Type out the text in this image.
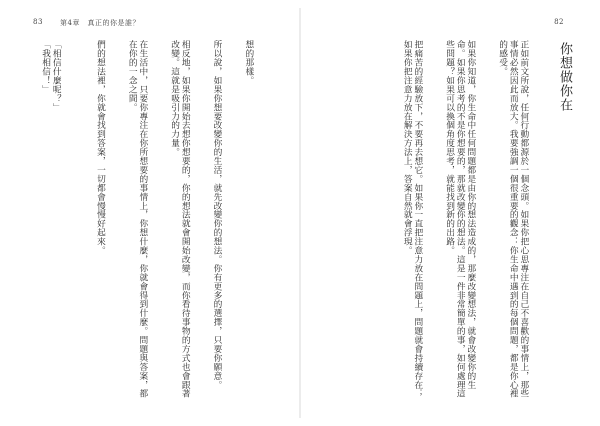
83 第4章　真正的你是誰？

想的那樣。

所以說，如果你想要改變你的生活，就先改變你的想法。你有更多的選擇，只要你願意。

相反地，如果你開始去想你想要的，你的想法就會開始改變，而你看待事物的方式也會跟著改變。這就是吸引力的力量。

在生活中，只要你專注在你所想要的事情上，你想什麼，你就會得到什麼。問題與答案，都在你的一念之間。

們的想法裡，你就會找到答案，一切都會慢慢好起來。

「相信什麼呢？」

「我相信！」

82
你想做你在

正如前文所說，任何行動都源於一個念頭。如果你把心思專注在自己不喜歡的事情上，那些事情必然因此而放大。我要強調一個很重要的觀念：你生命中遇到的每個問題，都是你心裡的感受。

如果你知道，你生命中任何問題都是由你的想法造成的，那麼改變想法，就會改變你的生命。如果你思考的不是你想要的，那就改變你的想法。這是一件非常簡單的事，如何處理這些問題？如果可以換個角度思考，就能找到新的出路。

把痛苦的經驗放下，不要再去想它。如果你一直把注意力放在問題上，問題就會持續存在；如果你把注意力放在解決方法上，答案自然就會浮現。
